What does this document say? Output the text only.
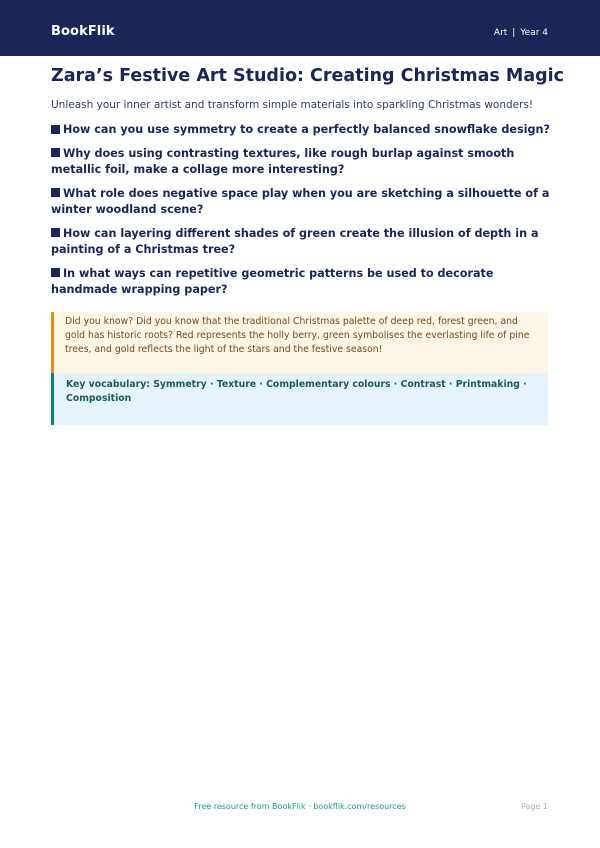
BookFlik	Art | Year 4
Zara’s Festive Art Studio: Creating Christmas Magic

Unleash your inner artist and transform simple materials into sparkling Christmas wonders!

How can you use symmetry to create a perfectly balanced snowflake design?
Why does using contrasting textures, like rough burlap against smooth metallic foil, make a collage more interesting?
What role does negative space play when you are sketching a silhouette of a winter woodland scene?
How can layering different shades of green create the illusion of depth in a painting of a Christmas tree?
In what ways can repetitive geometric patterns be used to decorate handmade wrapping paper?

Did you know? Did you know that the traditional Christmas palette of deep red, forest green, and gold has historic roots? Red represents the holly berry, green symbolises the everlasting life of pine trees, and gold reflects the light of the stars and the festive season!

Key vocabulary: Symmetry · Texture · Complementary colours · Contrast · Printmaking · Composition

Free resource from BookFlik · bookflik.com/resources	Page 1
